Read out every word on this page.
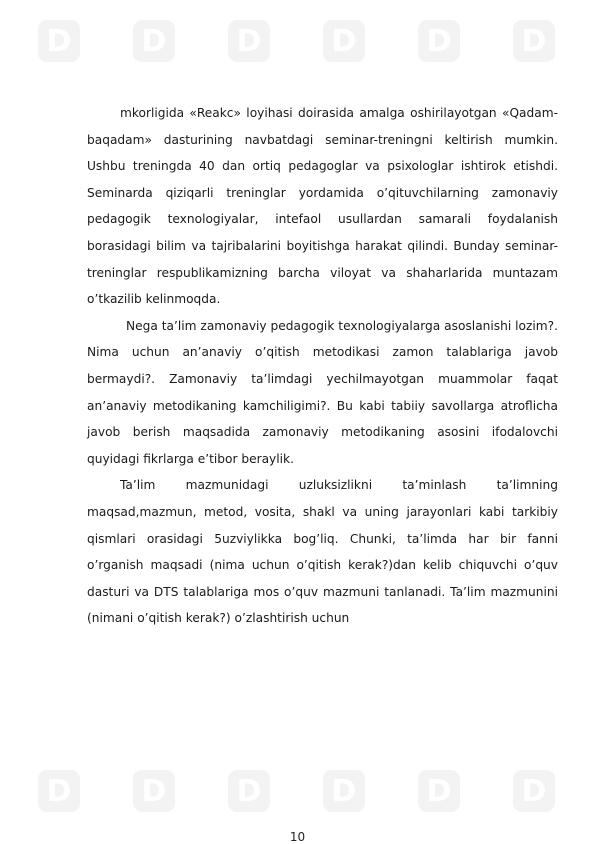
D D D D D D
D D D D D D

mkorligida «Reakc» loyihasi doirasida amalga oshirilayotgan «Qadam-baqadam» dasturining navbatdagi seminar-treningni keltirish mumkin. Ushbu treningda 40 dan ortiq pedagoglar va psixologlar ishtirok etishdi. Seminarda qiziqarli treninglar yordamida o’qituvchilarning zamonaviy pedagogik texnologiyalar, intefaol usullardan samarali foydalanish borasidagi bilim va tajribalarini boyitishga harakat qilindi. Bunday seminar-treninglar respublikamizning barcha viloyat va shaharlarida muntazam o’tkazilib kelinmoqda.

Nega ta’lim zamonaviy pedagogik texnologiyalarga asoslanishi lozim?. Nima uchun an’anaviy o’qitish metodikasi zamon talablariga javob bermaydi?. Zamonaviy ta’limdagi yechilmayotgan muammolar faqat an’anaviy metodikaning kamchiligimi?. Bu kabi tabiiy savollarga atroflicha javob berish maqsadida zamonaviy metodikaning asosini ifodalovchi quyidagi fikrlarga e’tibor beraylik.

Ta’lim mazmunidagi uzluksizlikni ta’minlash ta’limning maqsad,mazmun, metod, vosita, shakl va uning jarayonlari kabi tarkibiy qismlari orasidagi 5uzviylikka bog’liq. Chunki, ta’limda har bir fanni o’rganish maqsadi (nima uchun o’qitish kerak?)dan kelib chiquvchi o’quv dasturi va DTS talablariga mos o’quv mazmuni tanlanadi. Ta’lim mazmunini (nimani o’qitish kerak?) o’zlashtirish uchun

10
